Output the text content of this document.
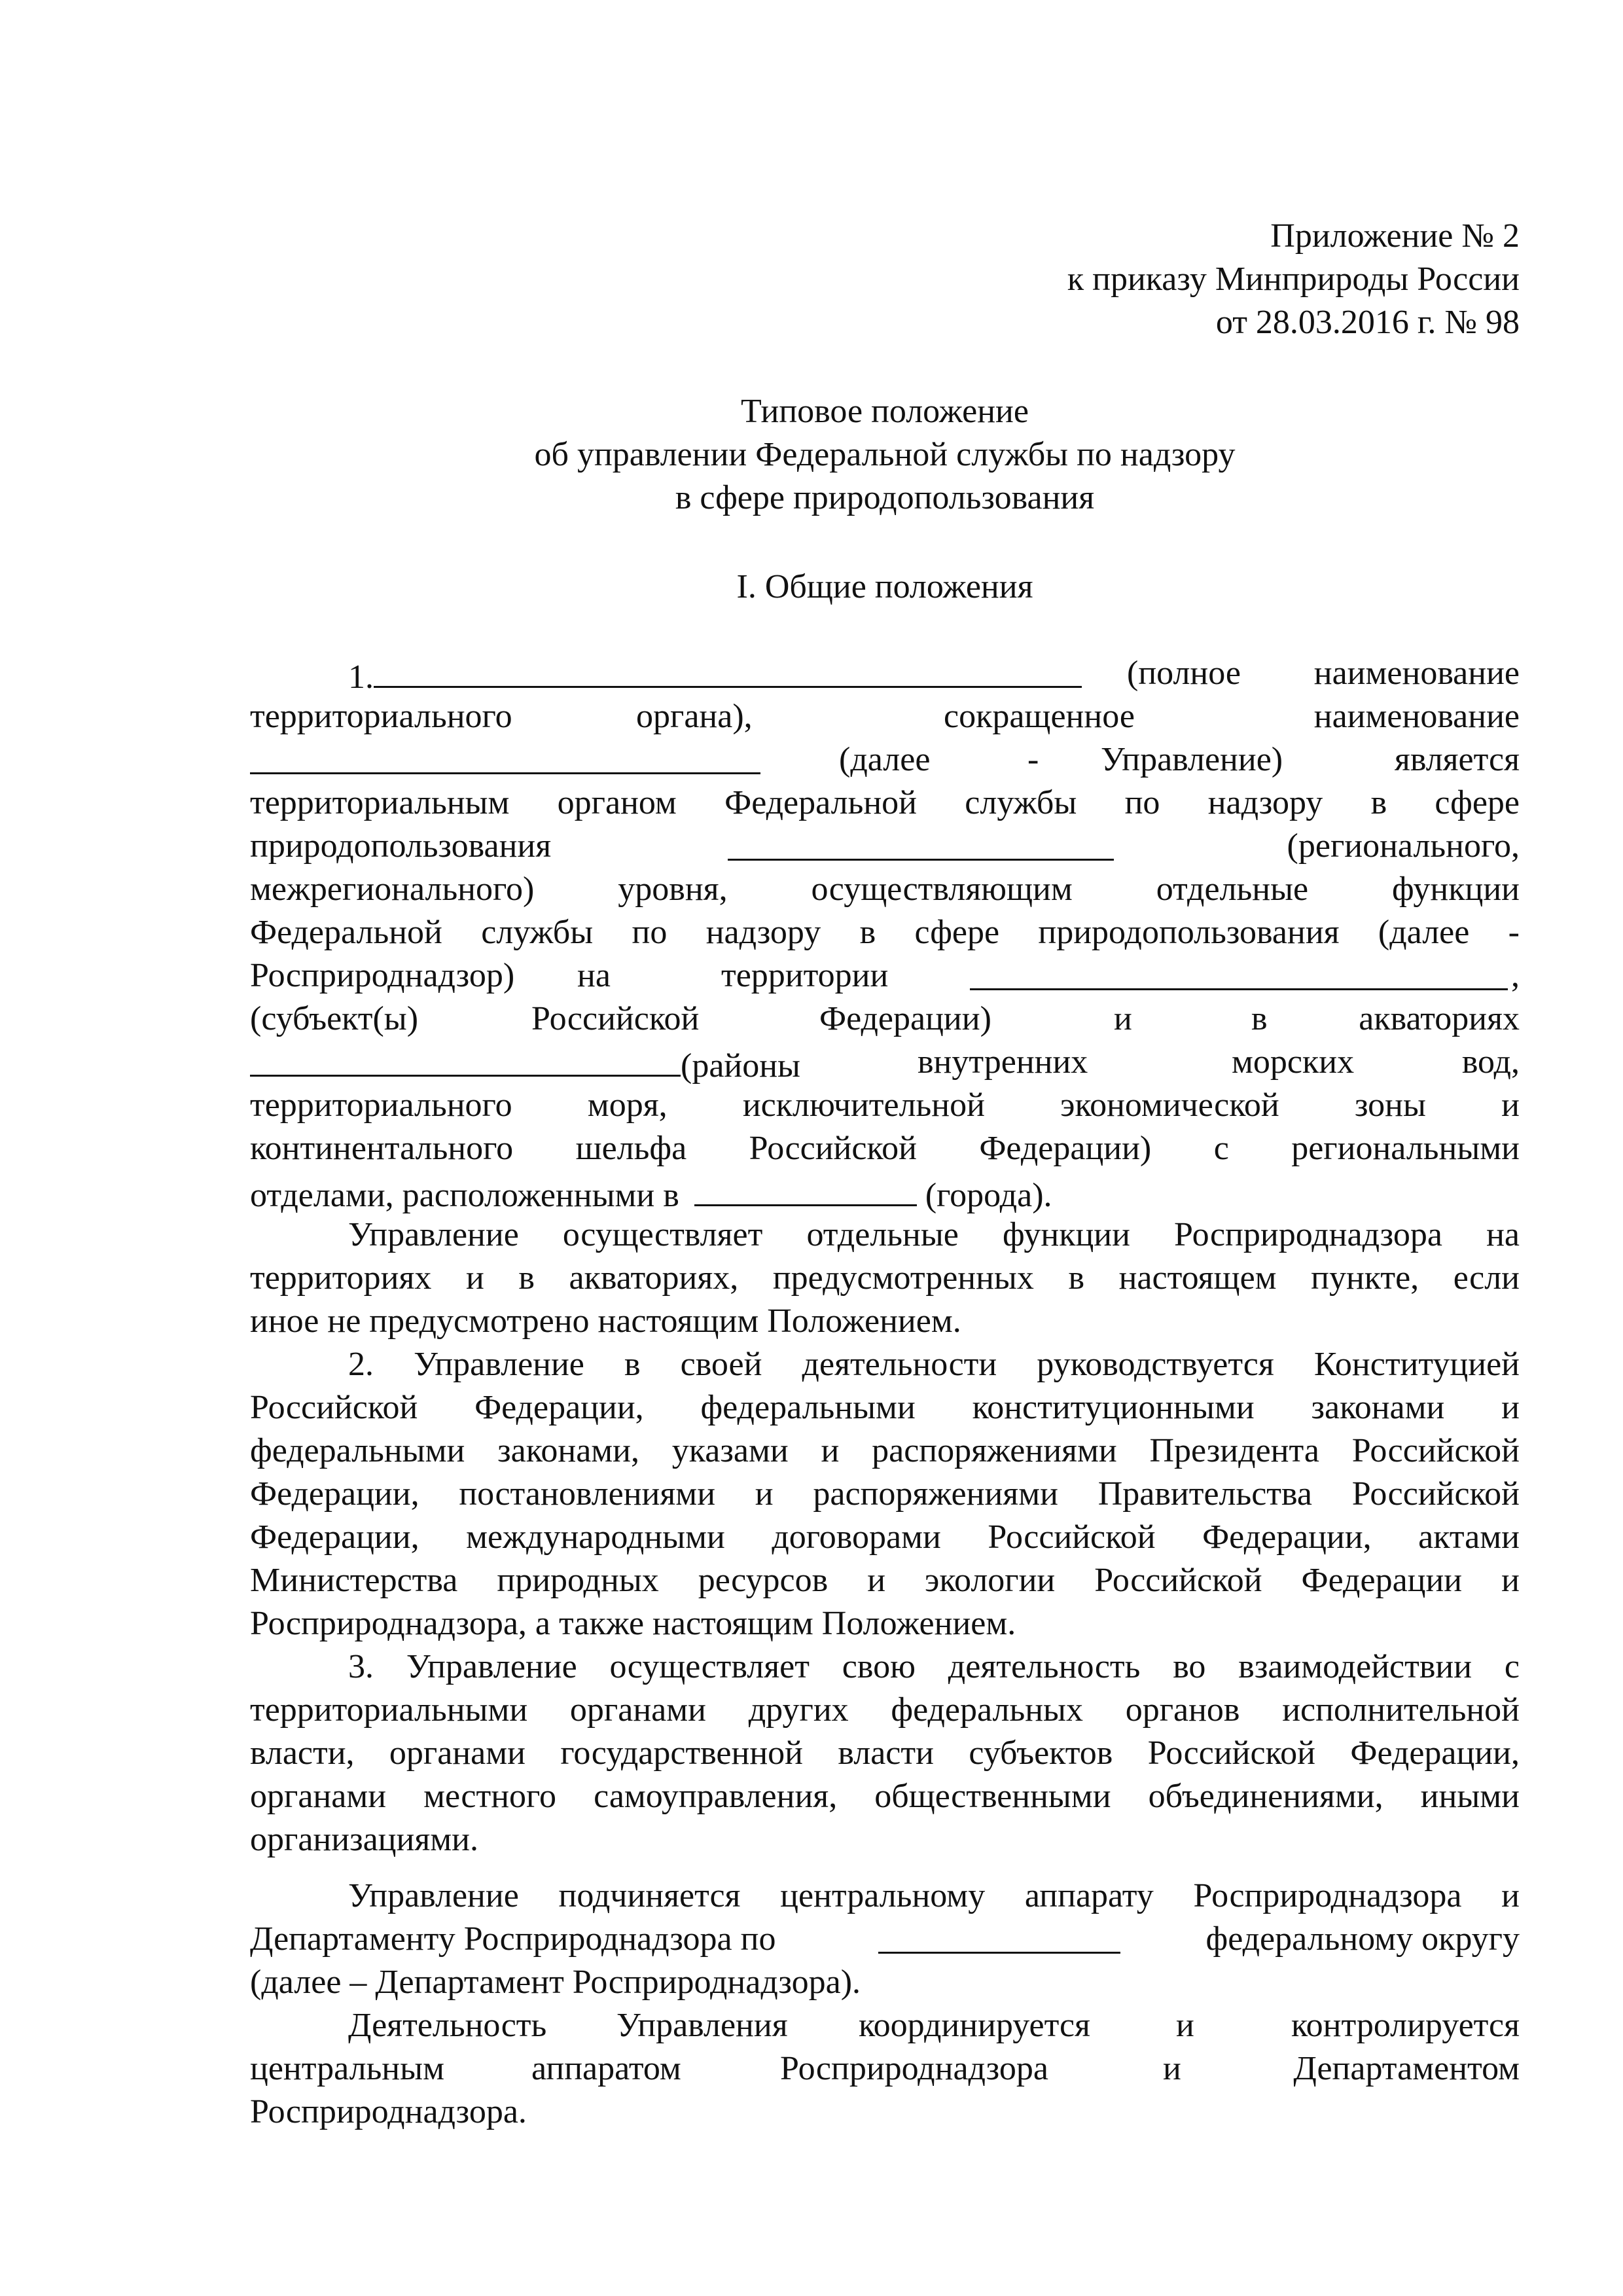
Приложение № 2
к приказу Минприроды России
от 28.03.2016 г. № 98
Типовое положение
об управлении Федеральной службы по надзору
в сфере природопользования
I. Общие положения
1.	(полное наименование
территориального	органа),	сокращенное	наименование
(далее	- Управление)	является
территориальным органом Федеральной службы по надзору в сфере
природопользования	(регионального,
межрегионального) уровня, осуществляющим отдельные функции
Федеральной службы по надзору в сфере природопользования (далее -
Росприроднадзор) на	территории	,
(субъект(ы)	Российской	Федерации)	и	в	акваториях
(районы	внутренних	морских	вод,
территориального моря, исключительной экономической зоны и
континентального шельфа Российской Федерации) с региональными
отделами, расположенными в	(города).
Управление осуществляет отдельные функции Росприроднадзора на
территориях и в акваториях, предусмотренных в настоящем пункте, если
иное не предусмотрено настоящим Положением.
2. Управление в своей деятельности руководствуется Конституцией
Российской Федерации, федеральными конституционными законами и
федеральными законами, указами и распоряжениями Президента Российской
Федерации, постановлениями и распоряжениями Правительства Российской
Федерации, международными договорами Российской Федерации, актами
Министерства природных ресурсов и экологии Российской Федерации и
Росприроднадзора, а также настоящим Положением.
3. Управление осуществляет свою деятельность во взаимодействии с
территориальными органами других федеральных органов исполнительной
власти, органами государственной власти субъектов Российской Федерации,
органами местного самоуправления, общественными объединениями, иными
организациями.
Управление подчиняется центральному аппарату Росприроднадзора и
Департаменту Росприроднадзора по	федеральному округу
(далее – Департамент Росприроднадзора).
Деятельность Управления координируется	и	контролируется
центральным	аппаратом	Росприроднадзора	и	Департаментом
Росприроднадзора.
